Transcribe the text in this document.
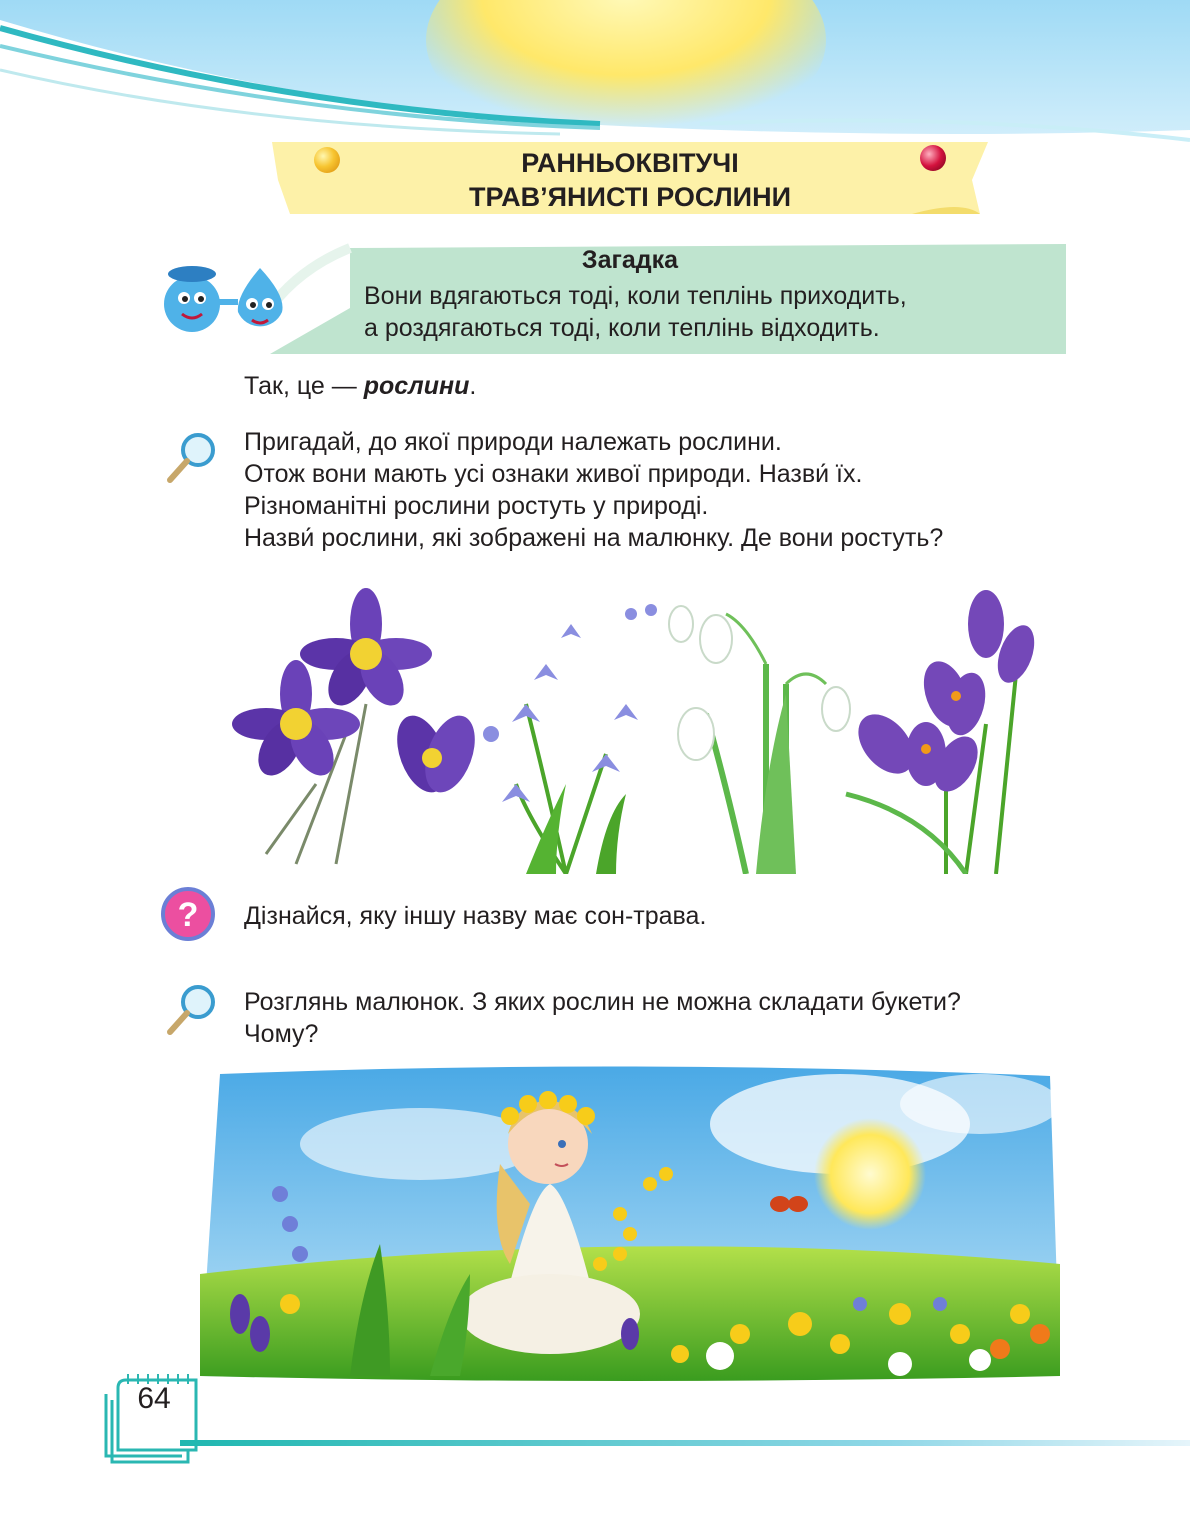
РАННЬОКВІТУЧІ
ТРАВ’ЯНИСТІ РОСЛИНИ
Загадка
Вони вдягаються тоді, коли теплінь приходить,
а роздягаються тоді, коли теплінь відходить.
Так, це — рослини.
Пригадай, до якої природи належать рослини.
Отож вони мають усі ознаки живої природи. Назви́ їх.
Різноманітні рослини ростуть у природі.
Назви́ рослини, які зображені на малюнку. Де вони ростуть?
? Дізнайся, яку іншу назву має сон-трава.
Розглянь малюнок. З яких рослин не можна складати букети?
Чому?
64
